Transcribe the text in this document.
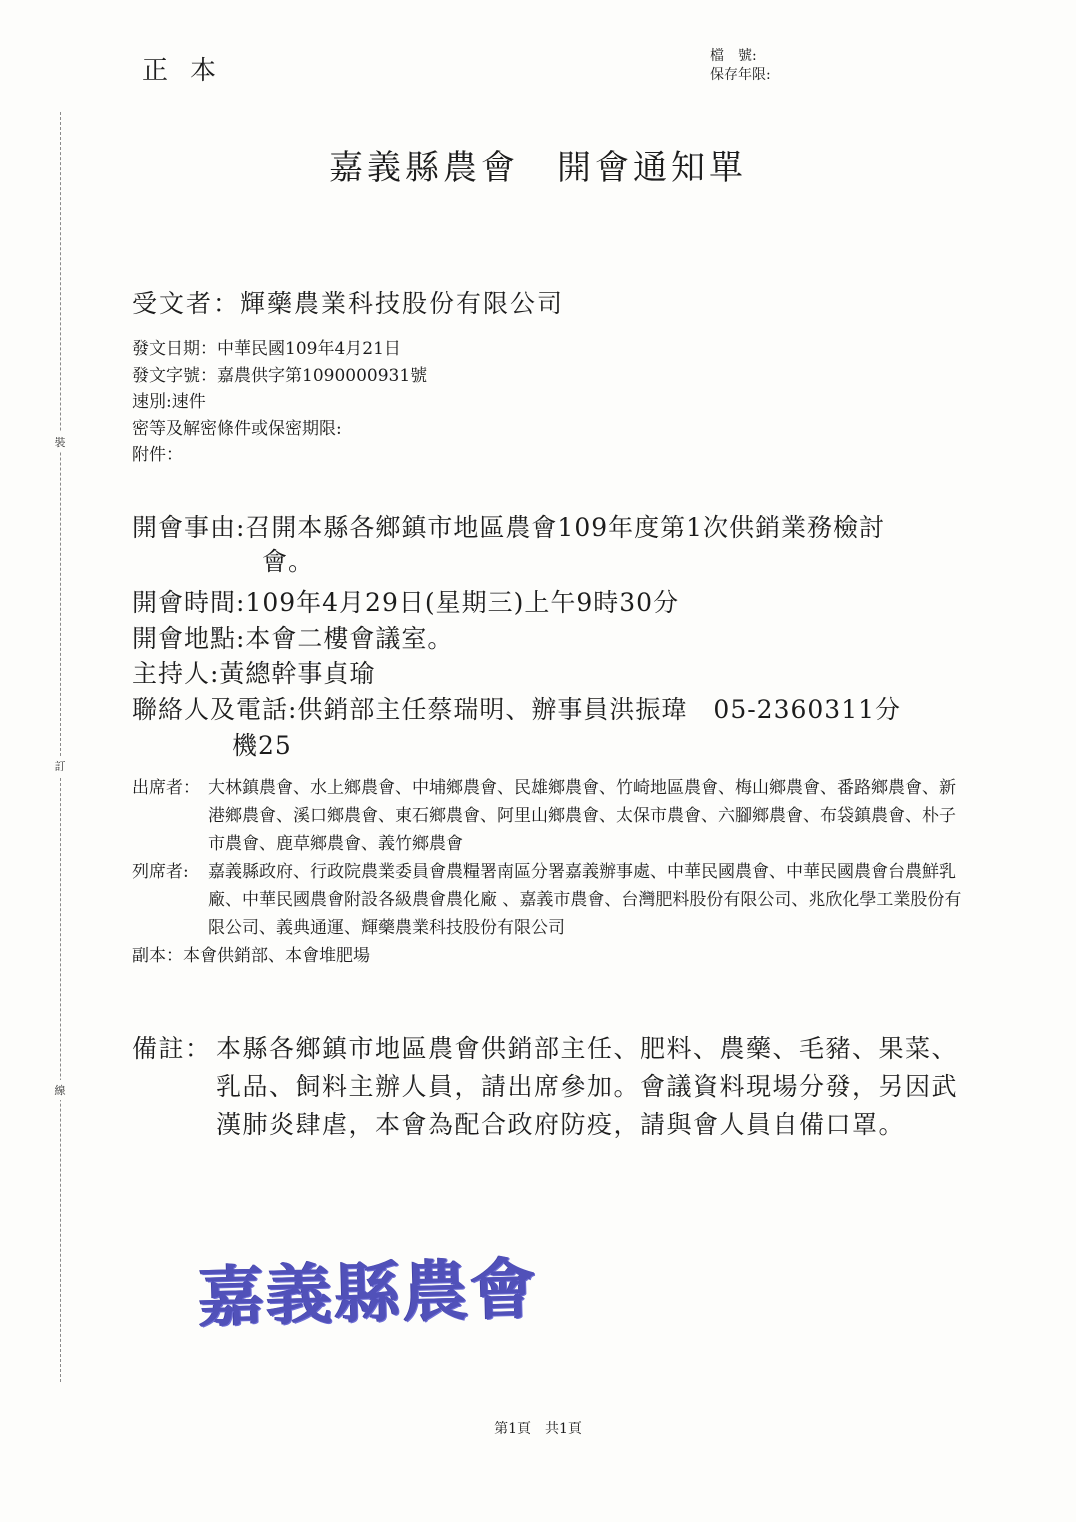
裝
訂
線
正本	檔　號:
保存年限:
嘉義縣農會　開會通知單
受文者：輝藥農業科技股份有限公司
發文日期：中華民國109年4月21日
發文字號：嘉農供字第1090000931號
速別:速件
密等及解密條件或保密期限:
附件：
開會事由:召開本縣各鄉鎮市地區農會109年度第1次供銷業務檢討
會。
開會時間:109年4月29日(星期三)上午9時30分
開會地點:本會二樓會議室。
主持人:黃總幹事貞瑜
聯絡人及電話:供銷部主任蔡瑞明、辦事員洪振瑋　05-2360311分
機25
出席者： 大林鎮農會、水上鄉農會、中埔鄉農會、民雄鄉農會、竹崎地區農會、梅山鄉農會、番路鄉農會、新港鄉農會、溪口鄉農會、東石鄉農會、阿里山鄉農會、太保市農會、六腳鄉農會、布袋鎮農會、朴子市農會、鹿草鄉農會、義竹鄉農會
列席者: 嘉義縣政府、行政院農業委員會農糧署南區分署嘉義辦事處、中華民國農會、中華民國農會台農鮮乳廠、中華民國農會附設各級農會農化廠 、嘉義市農會、台灣肥料股份有限公司、兆欣化學工業股份有限公司、義典通運、輝藥農業科技股份有限公司
副本：本會供銷部、本會堆肥場
備註： 本縣各鄉鎮市地區農會供銷部主任、肥料、農藥、毛豬、果菜、乳品、飼料主辦人員，請出席參加。會議資料現場分發，另因武漢肺炎肆虐，本會為配合政府防疫，請與會人員自備口罩。
嘉義縣農會
第1頁　共1頁
